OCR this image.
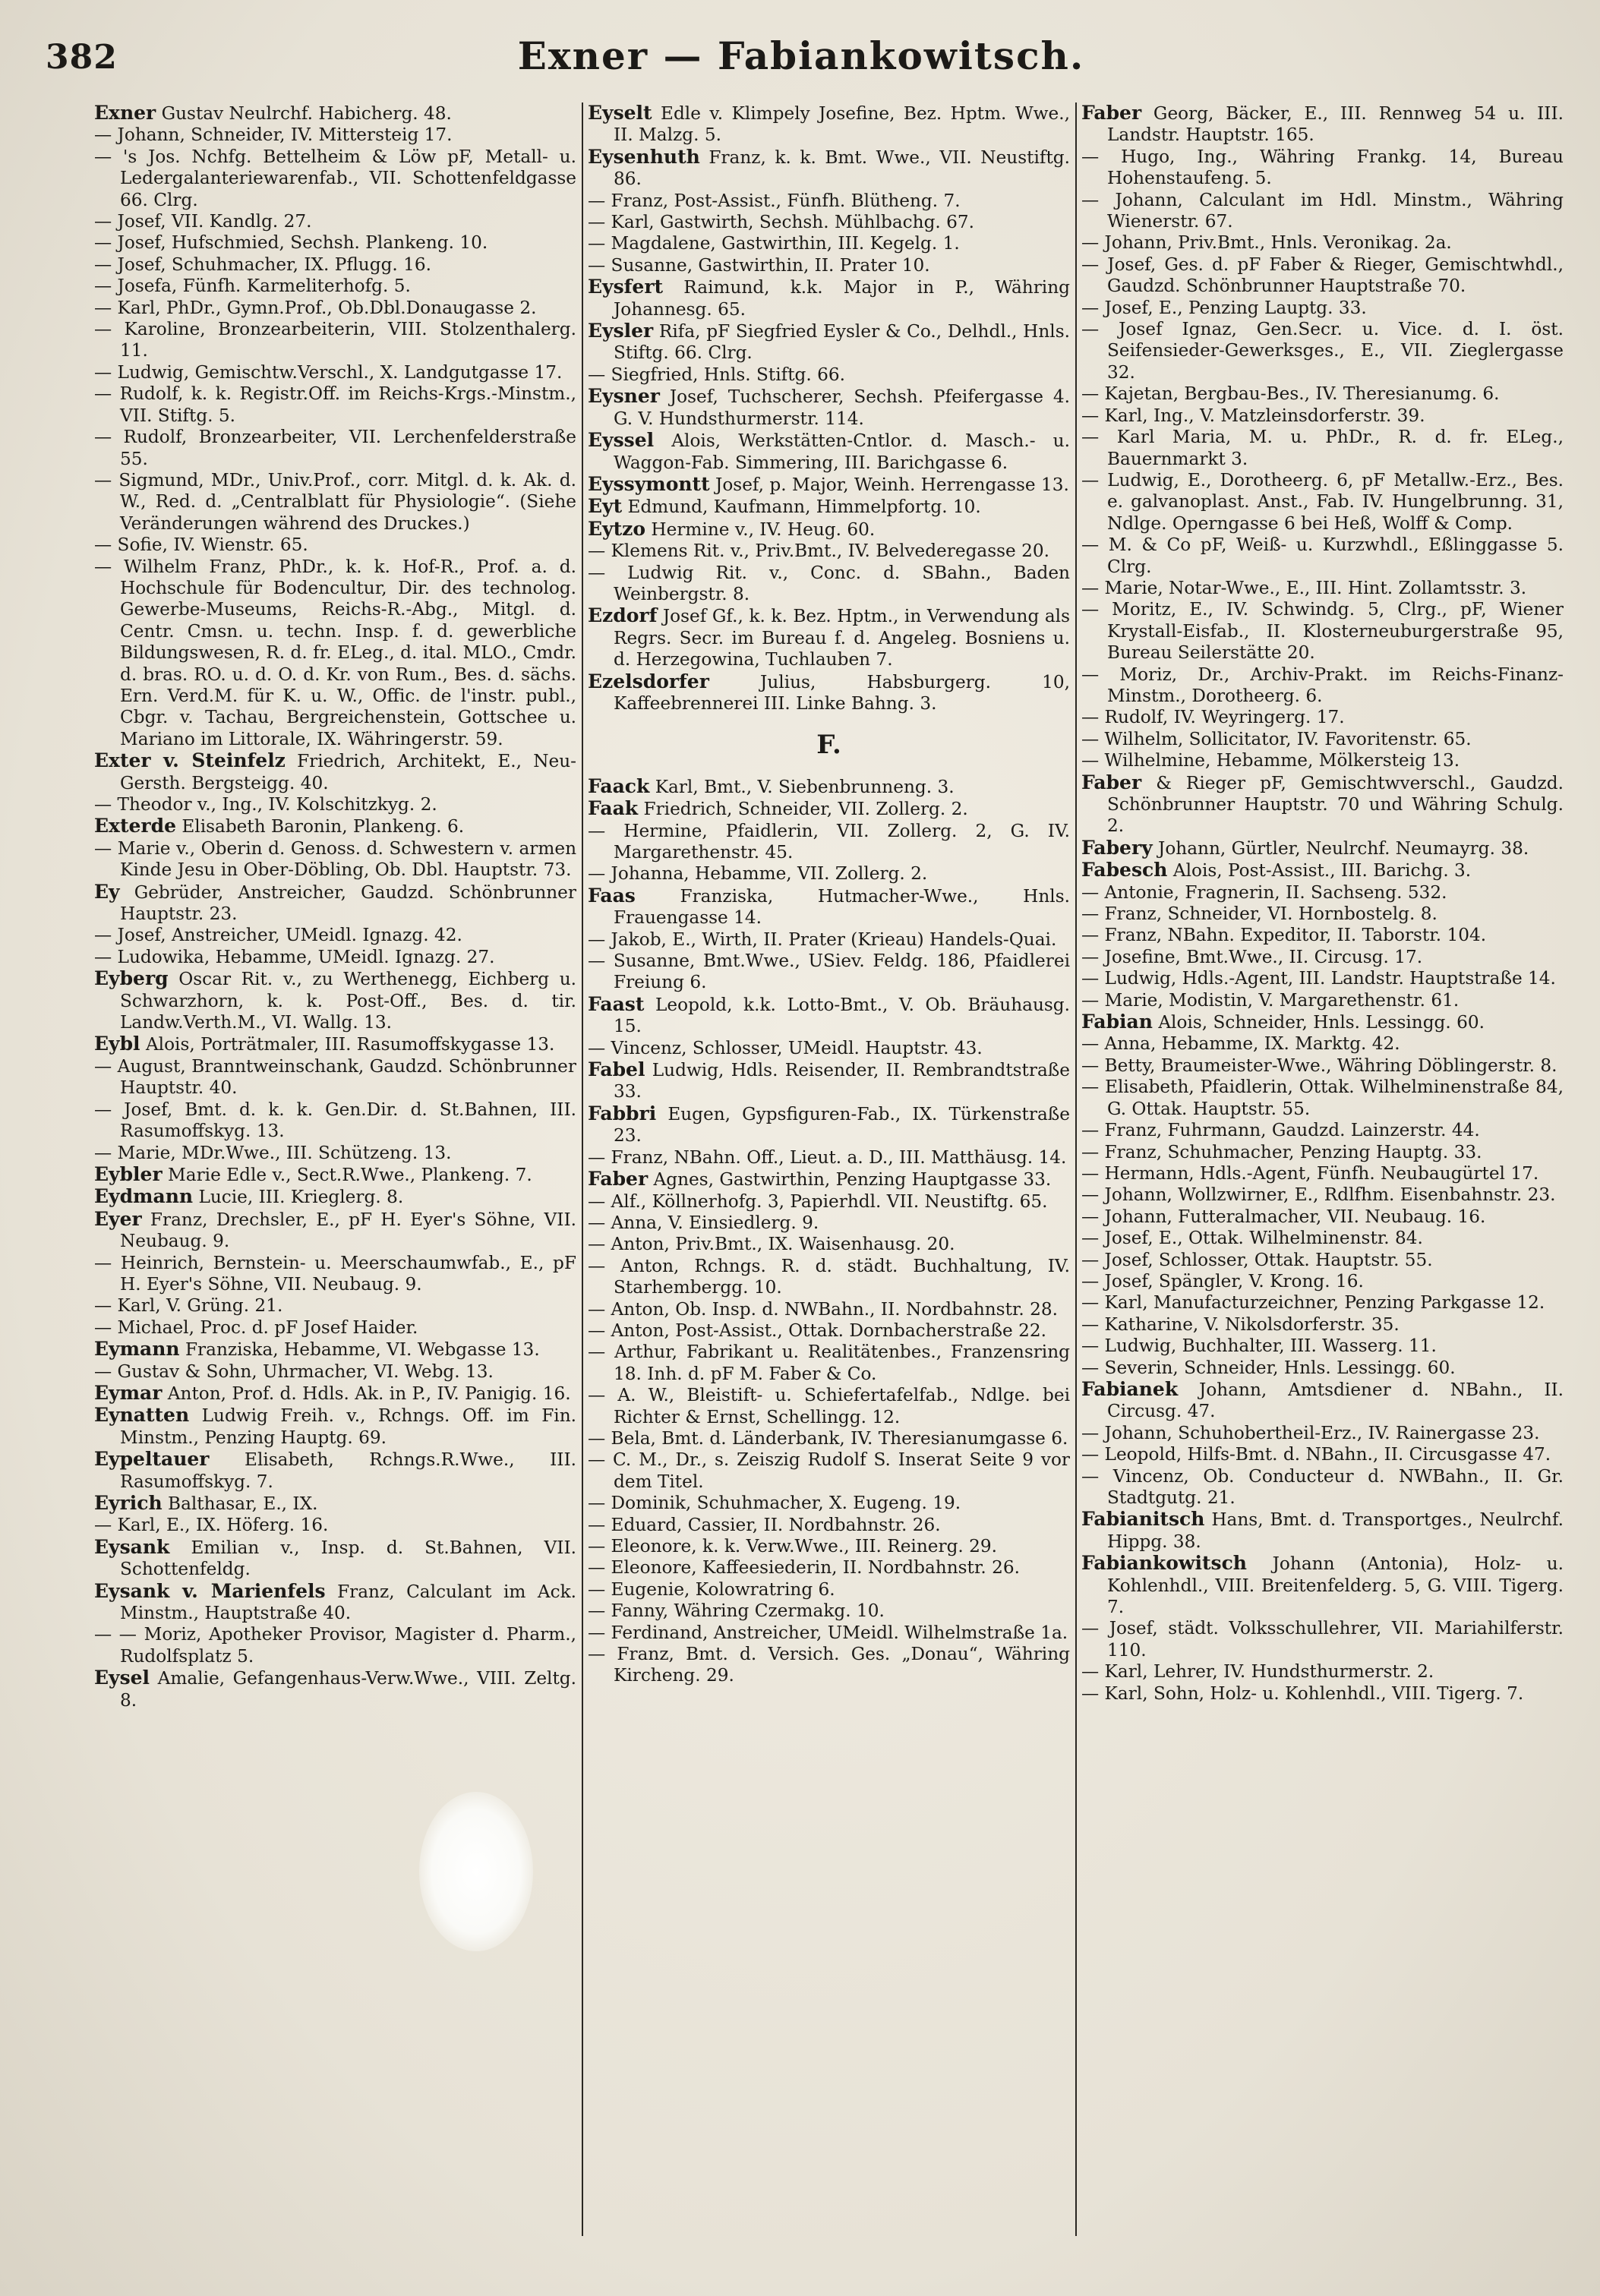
382	Exner — Fabiankowitsch.
Exner Gustav Neulrchf. Habicherg. 48.
— Johann, Schneider, IV. Mittersteig 17.
— 's Jos. Nchfg. Bettelheim & Löw pF, Metall- u. Ledergalanteriewarenfab., VII. Schottenfeldgasse 66. Clrg.
— Josef, VII. Kandlg. 27.
— Josef, Hufschmied, Sechsh. Plankeng. 10.
— Josef, Schuhmacher, IX. Pflugg. 16.
— Josefa, Fünfh. Karmeliterhofg. 5.
— Karl, PhDr., Gymn.Prof., Ob.Dbl.Donaugasse 2.
— Karoline, Bronzearbeiterin, VIII. Stolzenthalerg. 11.
— Ludwig, Gemischtw.Verschl., X. Landgutgasse 17.
— Rudolf, k. k. Registr.Off. im Reichs-Krgs.-Minstm., VII. Stiftg. 5.
— Rudolf, Bronzearbeiter, VII. Lerchenfelderstraße 55.
— Sigmund, MDr., Univ.Prof., corr. Mitgl. d. k. Ak. d. W., Red. d. „Centralblatt für Physiologie“. (Siehe Veränderungen während des Druckes.)
— Sofie, IV. Wienstr. 65.
— Wilhelm Franz, PhDr., k. k. Hof-R., Prof. a. d. Hochschule für Bodencultur, Dir. des technolog. Gewerbe-Museums, Reichs-R.-Abg., Mitgl. d. Centr. Cmsn. u. techn. Insp. f. d. gewerbliche Bildungswesen, R. d. fr. ELeg., d. ital. MLO., Cmdr. d. bras. RO. u. d. O. d. Kr. von Rum., Bes. d. sächs. Ern. Verd.M. für K. u. W., Offic. de l'instr. publ., Cbgr. v. Tachau, Bergreichenstein, Gottschee u. Mariano im Littorale, IX. Währingerstr. 59.
Exter v. Steinfelz Friedrich, Architekt, E., Neu-Gersth. Bergsteigg. 40.
— Theodor v., Ing., IV. Kolschitzkyg. 2.
Exterde Elisabeth Baronin, Plankeng. 6.
— Marie v., Oberin d. Genoss. d. Schwestern v. armen Kinde Jesu in Ober-Döbling, Ob. Dbl. Hauptstr. 73.
Ey Gebrüder, Anstreicher, Gaudzd. Schönbrunner Hauptstr. 23.
— Josef, Anstreicher, UMeidl. Ignazg. 42.
— Ludowika, Hebamme, UMeidl. Ignazg. 27.
Eyberg Oscar Rit. v., zu Werthenegg, Eichberg u. Schwarzhorn, k. k. Post-Off., Bes. d. tir. Landw.Verth.M., VI. Wallg. 13.
Eybl Alois, Porträtmaler, III. Rasumoffskygasse 13.
— August, Branntweinschank, Gaudzd. Schönbrunner Hauptstr. 40.
— Josef, Bmt. d. k. k. Gen.Dir. d. St.Bahnen, III. Rasumoffskyg. 13.
— Marie, MDr.Wwe., III. Schützeng. 13.
Eybler Marie Edle v., Sect.R.Wwe., Plankeng. 7.
Eydmann Lucie, III. Krieglerg. 8.
Eyer Franz, Drechsler, E., pF H. Eyer's Söhne, VII. Neubaug. 9.
— Heinrich, Bernstein- u. Meerschaumwfab., E., pF H. Eyer's Söhne, VII. Neubaug. 9.
— Karl, V. Grüng. 21.
— Michael, Proc. d. pF Josef Haider.
Eymann Franziska, Hebamme, VI. Webgasse 13.
— Gustav & Sohn, Uhrmacher, VI. Webg. 13.
Eymar Anton, Prof. d. Hdls. Ak. in P., IV. Panigig. 16.
Eynatten Ludwig Freih. v., Rchngs. Off. im Fin. Minstm., Penzing Hauptg. 69.
Eypeltauer Elisabeth, Rchngs.R.Wwe., III. Rasumoffskyg. 7.
Eyrich Balthasar, E., IX.
— Karl, E., IX. Höferg. 16.
Eysank Emilian v., Insp. d. St.Bahnen, VII. Schottenfeldg.
Eysank v. Marienfels Franz, Calculant im Ack. Minstm., Hauptstraße 40.
— — Moriz, Apotheker Provisor, Magister d. Pharm., Rudolfsplatz 5.
Eysel Amalie, Gefangenhaus-Verw.Wwe., VIII. Zeltg. 8.
Eyselt Edle v. Klimpely Josefine, Bez. Hptm. Wwe., II. Malzg. 5.
Eysenhuth Franz, k. k. Bmt. Wwe., VII. Neustiftg. 86.
— Franz, Post-Assist., Fünfh. Blütheng. 7.
— Karl, Gastwirth, Sechsh. Mühlbachg. 67.
— Magdalene, Gastwirthin, III. Kegelg. 1.
— Susanne, Gastwirthin, II. Prater 10.
Eysfert Raimund, k.k. Major in P., Währing Johannesg. 65.
Eysler Rifa, pF Siegfried Eysler & Co., Delhdl., Hnls. Stiftg. 66. Clrg.
— Siegfried, Hnls. Stiftg. 66.
Eysner Josef, Tuchscherer, Sechsh. Pfeifergasse 4. G. V. Hundsthurmerstr. 114.
Eyssel Alois, Werkstätten-Cntlor. d. Masch.- u. Waggon-Fab. Simmering, III. Barichgasse 6.
Eyssymontt Josef, p. Major, Weinh. Herrengasse 13.
Eyt Edmund, Kaufmann, Himmelpfortg. 10.
Eytzo Hermine v., IV. Heug. 60.
— Klemens Rit. v., Priv.Bmt., IV. Belvederegasse 20.
— Ludwig Rit. v., Conc. d. SBahn., Baden Weinbergstr. 8.
Ezdorf Josef Gf., k. k. Bez. Hptm., in Verwendung als Regrs. Secr. im Bureau f. d. Angeleg. Bosniens u. d. Herzegowina, Tuchlauben 7.
Ezelsdorfer	Julius, Habsburgerg. 10, Kaffeebrennerei III. Linke Bahng. 3.
F.
Faack Karl, Bmt., V. Siebenbrunneng. 3.
Faak Friedrich, Schneider, VII. Zollerg. 2.
— Hermine, Pfaidlerin, VII. Zollerg. 2, G. IV. Margarethenstr. 45.
— Johanna, Hebamme, VII. Zollerg. 2.
Faas	Franziska, Hutmacher-Wwe., Hnls. Frauengasse 14.
— Jakob, E., Wirth, II. Prater (Krieau) Handels-Quai.
— Susanne, Bmt.Wwe., USiev. Feldg. 186, Pfaidlerei Freiung 6.
Faast Leopold, k.k. Lotto-Bmt., V. Ob. Bräuhausg. 15.
— Vincenz, Schlosser, UMeidl. Hauptstr. 43.
Fabel Ludwig, Hdls. Reisender, II. Rembrandtstraße 33.
Fabbri Eugen, Gypsfiguren-Fab., IX. Türkenstraße 23.
— Franz, NBahn. Off., Lieut. a. D., III. Matthäusg. 14.
Faber Agnes, Gastwirthin, Penzing Hauptgasse 33.
— Alf., Köllnerhofg. 3, Papierhdl. VII. Neustiftg. 65.
— Anna, V. Einsiedlerg. 9.
— Anton, Priv.Bmt., IX. Waisenhausg. 20.
— Anton, Rchngs. R. d. städt. Buchhaltung, IV. Starhembergg. 10.
— Anton, Ob. Insp. d. NWBahn., II. Nordbahnstr. 28.
— Anton, Post-Assist., Ottak. Dornbacherstraße 22.
— Arthur, Fabrikant u. Realitätenbes., Franzensring 18. Inh. d. pF M. Faber & Co.
— A. W., Bleistift- u. Schiefertafelfab., Ndlge. bei Richter & Ernst, Schellingg. 12.
— Bela, Bmt. d. Länderbank, IV. Theresianumgasse 6.
— C. M., Dr., s. Zeiszig Rudolf S. Inserat Seite 9 vor dem Titel.
— Dominik, Schuhmacher, X. Eugeng. 19.
— Eduard, Cassier, II. Nordbahnstr. 26.
— Eleonore, k. k. Verw.Wwe., III. Reinerg. 29.
— Eleonore, Kaffeesiederin, II. Nordbahnstr. 26.
— Eugenie, Kolowratring 6.
— Fanny, Währing Czermakg. 10.
— Ferdinand, Anstreicher, UMeidl. Wilhelmstraße 1a.
— Franz, Bmt. d. Versich. Ges. „Donau“, Währing Kircheng. 29.
Faber Georg, Bäcker, E., III. Rennweg 54 u. III. Landstr. Hauptstr. 165.
— Hugo, Ing., Währing Frankg. 14, Bureau Hohenstaufeng. 5.
— Johann, Calculant im Hdl. Minstm., Währing Wienerstr. 67.
— Johann, Priv.Bmt., Hnls. Veronikag. 2a.
— Josef, Ges. d. pF Faber & Rieger, Gemischtwhdl., Gaudzd. Schönbrunner Hauptstraße 70.
— Josef, E., Penzing Lauptg. 33.
— Josef Ignaz, Gen.Secr. u. Vice. d. I. öst. Seifensieder-Gewerksges., E., VII. Zieglergasse 32.
— Kajetan, Bergbau-Bes., IV. Theresianumg. 6.
— Karl, Ing., V. Matzleinsdorferstr. 39.
— Karl Maria, M. u. PhDr., R. d. fr. ELeg., Bauernmarkt 3.
— Ludwig, E., Dorotheerg. 6, pF Metallw.-Erz., Bes. e. galvanoplast. Anst., Fab. IV. Hungelbrunng. 31, Ndlge. Operngasse 6 bei Heß, Wolff & Comp.
— M. & Co pF, Weiß- u. Kurzwhdl., Eßlinggasse 5. Clrg.
— Marie, Notar-Wwe., E., III. Hint. Zollamtsstr. 3.
— Moritz, E., IV. Schwindg. 5, Clrg., pF, Wiener Krystall-Eisfab., II. Klosterneuburgerstraße 95, Bureau Seilerstätte 20.
— Moriz, Dr., Archiv-Prakt. im Reichs-Finanz-Minstm., Dorotheerg. 6.
— Rudolf, IV. Weyringerg. 17.
— Wilhelm, Sollicitator, IV. Favoritenstr. 65.
— Wilhelmine, Hebamme, Mölkersteig 13.
Faber & Rieger pF, Gemischtwverschl., Gaudzd. Schönbrunner Hauptstr. 70 und Währing Schulg. 2.
Fabery Johann, Gürtler, Neulrchf. Neumayrg. 38.
Fabesch Alois, Post-Assist., III. Barichg. 3.
— Antonie, Fragnerin, II. Sachseng. 532.
— Franz, Schneider, VI. Hornbostelg. 8.
— Franz, NBahn. Expeditor, II. Taborstr. 104.
— Josefine, Bmt.Wwe., II. Circusg. 17.
— Ludwig, Hdls.-Agent, III. Landstr. Hauptstraße 14.
— Marie, Modistin, V. Margarethenstr. 61.
Fabian Alois, Schneider, Hnls. Lessingg. 60.
— Anna, Hebamme, IX. Marktg. 42.
— Betty, Braumeister-Wwe., Währing Döblingerstr. 8.
— Elisabeth, Pfaidlerin, Ottak. Wilhelminenstraße 84, G. Ottak. Hauptstr. 55.
— Franz, Fuhrmann, Gaudzd. Lainzerstr. 44.
— Franz, Schuhmacher, Penzing Hauptg. 33.
— Hermann, Hdls.-Agent, Fünfh. Neubaugürtel 17.
— Johann, Wollzwirner, E., Rdlfhm. Eisenbahnstr. 23.
— Johann, Futteralmacher, VII. Neubaug. 16.
— Josef, E., Ottak. Wilhelminenstr. 84.
— Josef, Schlosser, Ottak. Hauptstr. 55.
— Josef, Spängler, V. Krong. 16.
— Karl, Manufacturzeichner, Penzing Parkgasse 12.
— Katharine, V. Nikolsdorferstr. 35.
— Ludwig, Buchhalter, III. Wasserg. 11.
— Severin, Schneider, Hnls. Lessingg. 60.
Fabianek Johann, Amtsdiener d. NBahn., II. Circusg. 47.
— Johann, Schuhobertheil-Erz., IV. Rainergasse 23.
— Leopold, Hilfs-Bmt. d. NBahn., II. Circusgasse 47.
— Vincenz, Ob. Conducteur d. NWBahn., II. Gr. Stadtgutg. 21.
Fabianitsch Hans, Bmt. d. Transportges., Neulrchf. Hippg. 38.
Fabiankowitsch Johann (Antonia), Holz- u. Kohlenhdl., VIII. Breitenfelderg. 5, G. VIII. Tigerg. 7.
— Josef, städt. Volksschullehrer, VII. Mariahilferstr. 110.
— Karl, Lehrer, IV. Hundsthurmerstr. 2.
— Karl, Sohn, Holz- u. Kohlenhdl., VIII. Tigerg. 7.
